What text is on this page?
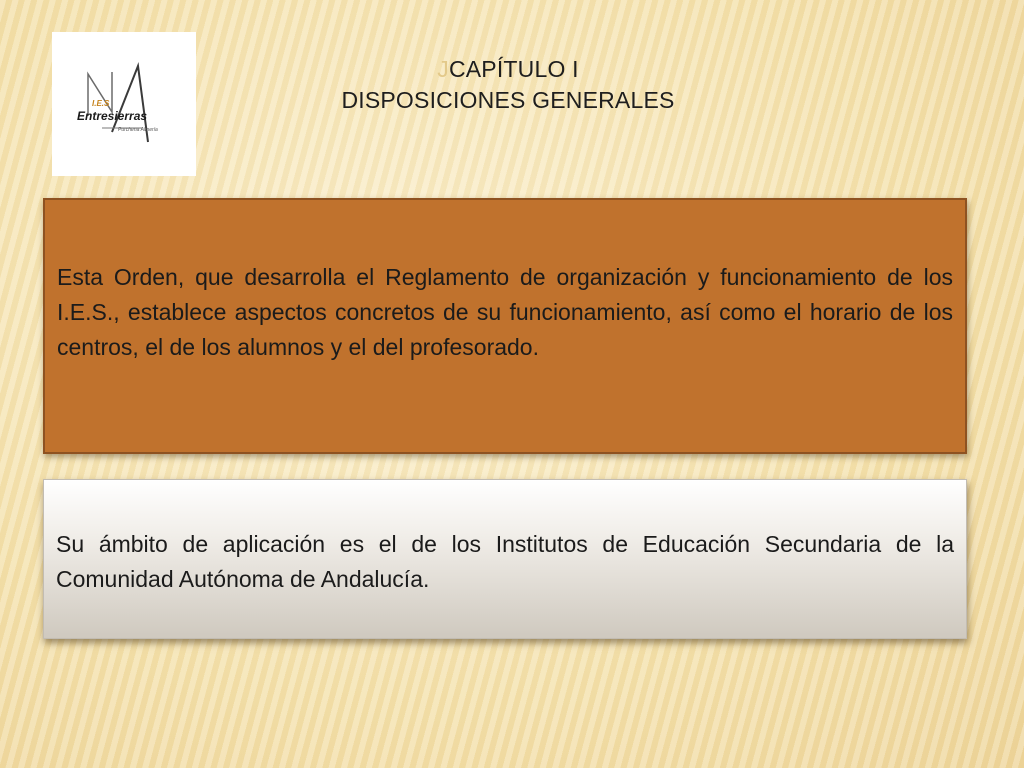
I.E.S
Entresierras
Purchena Almería
JCAPÍTULO I
DISPOSICIONES GENERALES
Esta Orden, que desarrolla el Reglamento de organización y funcionamiento de los I.E.S., establece aspectos concretos de su funcionamiento, así como el horario de los centros, el de los alumnos y el del profesorado.
Su ámbito de aplicación es el de los Institutos de Educación Secundaria de la Comunidad Autónoma de Andalucía.
